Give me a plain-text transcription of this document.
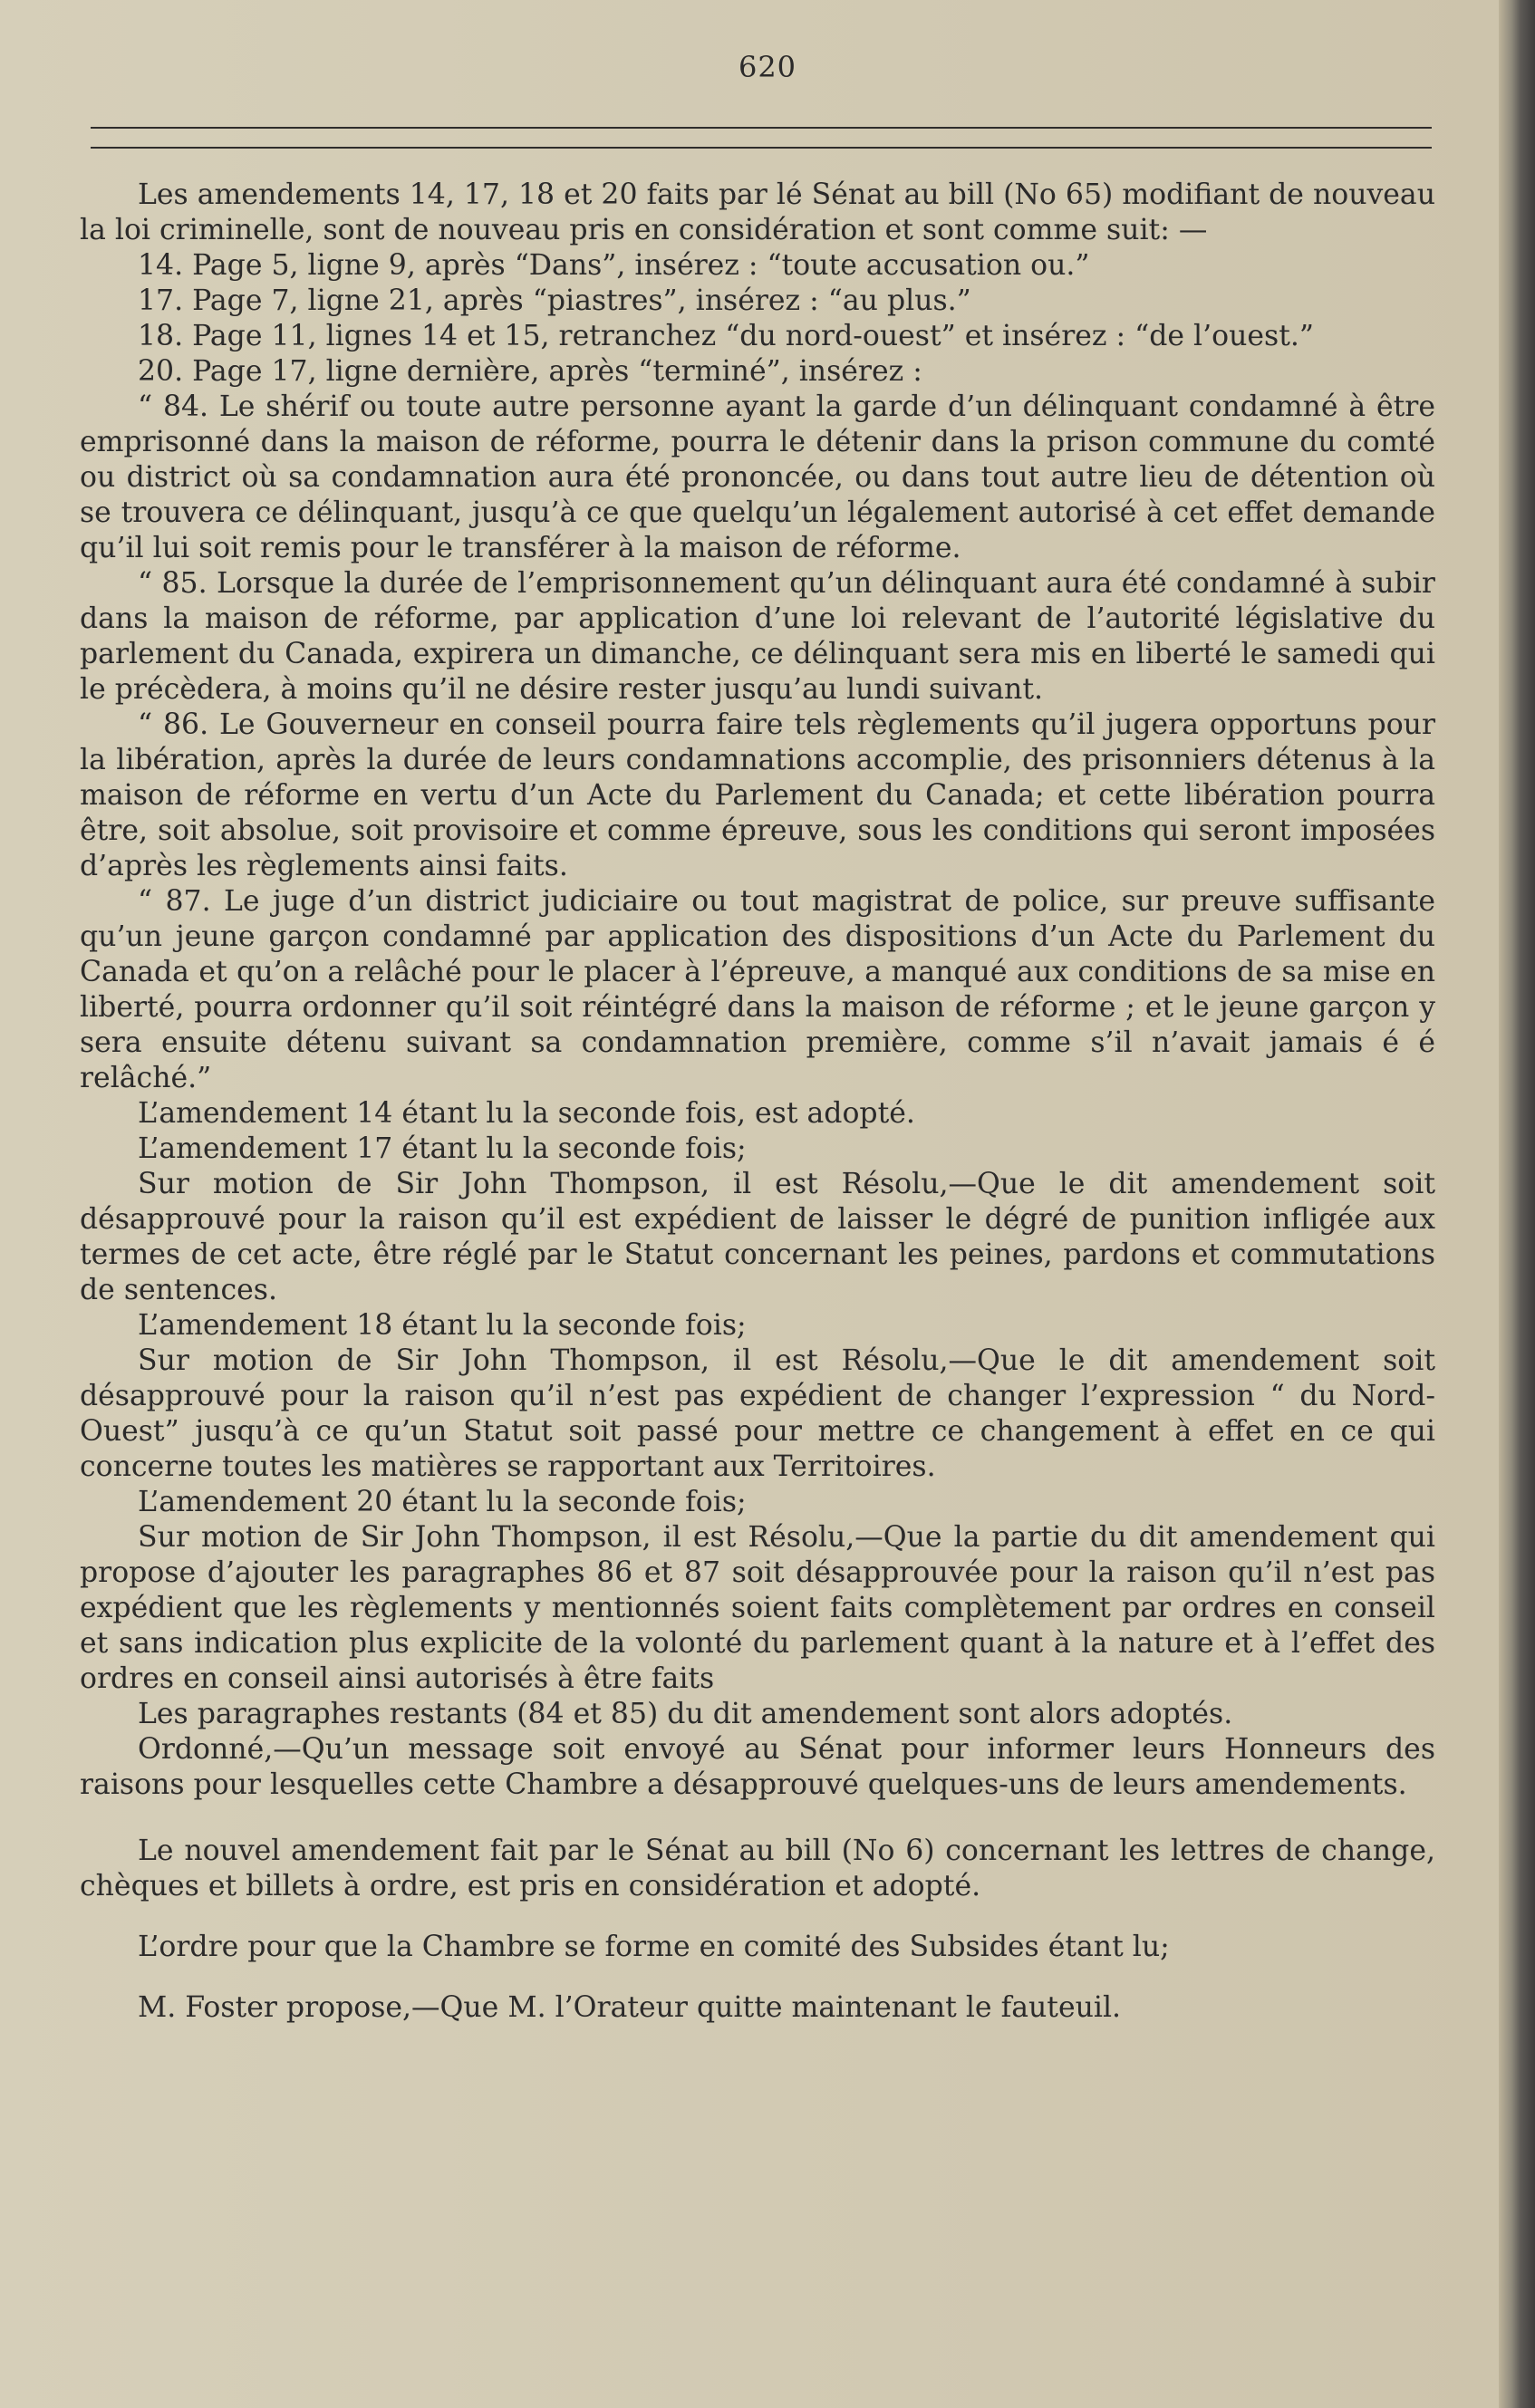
620

Les amendements 14, 17, 18 et 20 faits par lé Sénat au bill (No 65) modifiant de nouveau la loi criminelle, sont de nouveau pris en considération et sont comme suit: —

14. Page 5, ligne 9, après “Dans”, insérez : “toute accusation ou.”

17. Page 7, ligne 21, après “piastres”, insérez : “au plus.”

18. Page 11, lignes 14 et 15, retranchez “du nord-ouest” et insérez : “de l’ouest.”

20. Page 17, ligne dernière, après “terminé”, insérez :

“ 84. Le shérif ou toute autre personne ayant la garde d’un délinquant condamné à être emprisonné dans la maison de réforme, pourra le détenir dans la prison commune du comté ou district où sa condamnation aura été prononcée, ou dans tout autre lieu de détention où se trouvera ce délinquant, jusqu’à ce que quelqu’un légalement autorisé à cet effet demande qu’il lui soit remis pour le transférer à la maison de réforme.

“ 85. Lorsque la durée de l’emprisonnement qu’un délinquant aura été condamné à subir dans la maison de réforme, par application d’une loi relevant de l’autorité législative du parlement du Canada, expirera un dimanche, ce délinquant sera mis en liberté le samedi qui le précèdera, à moins qu’il ne désire rester jusqu’au lundi suivant.

“ 86. Le Gouverneur en conseil pourra faire tels règlements qu’il jugera opportuns pour la libération, après la durée de leurs condamnations accomplie, des prisonniers détenus à la maison de réforme en vertu d’un Acte du Parlement du Canada; et cette libération pourra être, soit absolue, soit provisoire et comme épreuve, sous les conditions qui seront imposées d’après les règlements ainsi faits.

“ 87. Le juge d’un district judiciaire ou tout magistrat de police, sur preuve suffisante qu’un jeune garçon condamné par application des dispositions d’un Acte du Parlement du Canada et qu’on a relâché pour le placer à l’épreuve, a manqué aux conditions de sa mise en liberté, pourra ordonner qu’il soit réintégré dans la maison de réforme ; et le jeune garçon y sera ensuite détenu suivant sa condamnation première, comme s’il n’avait jamais é é relâché.”

L’amendement 14 étant lu la seconde fois, est adopté.

L’amendement 17 étant lu la seconde fois;

Sur motion de Sir John Thompson, il est Résolu,—Que le dit amendement soit désapprouvé pour la raison qu’il est expédient de laisser le dégré de punition infligée aux termes de cet acte, être réglé par le Statut concernant les peines, pardons et commutations de sentences.

L’amendement 18 étant lu la seconde fois;

Sur motion de Sir John Thompson, il est Résolu,—Que le dit amendement soit désapprouvé pour la raison qu’il n’est pas expédient de changer l’expression “ du Nord-Ouest” jusqu’à ce qu’un Statut soit passé pour mettre ce changement à effet en ce qui concerne toutes les matières se rapportant aux Territoires.

L’amendement 20 étant lu la seconde fois;

Sur motion de Sir John Thompson, il est Résolu,—Que la partie du dit amendement qui propose d’ajouter les paragraphes 86 et 87 soit désapprouvée pour la raison qu’il n’est pas expédient que les règlements y mentionnés soient faits complètement par ordres en conseil et sans indication plus explicite de la volonté du parlement quant à la nature et à l’effet des ordres en conseil ainsi autorisés à être faits

Les paragraphes restants (84 et 85) du dit amendement sont alors adoptés.

Ordonné,—Qu’un message soit envoyé au Sénat pour informer leurs Honneurs des raisons pour lesquelles cette Chambre a désapprouvé quelques-uns de leurs amendements.

Le nouvel amendement fait par le Sénat au bill (No 6) concernant les lettres de change, chèques et billets à ordre, est pris en considération et adopté.

L’ordre pour que la Chambre se forme en comité des Subsides étant lu;

M. Foster propose,—Que M. l’Orateur quitte maintenant le fauteuil.
